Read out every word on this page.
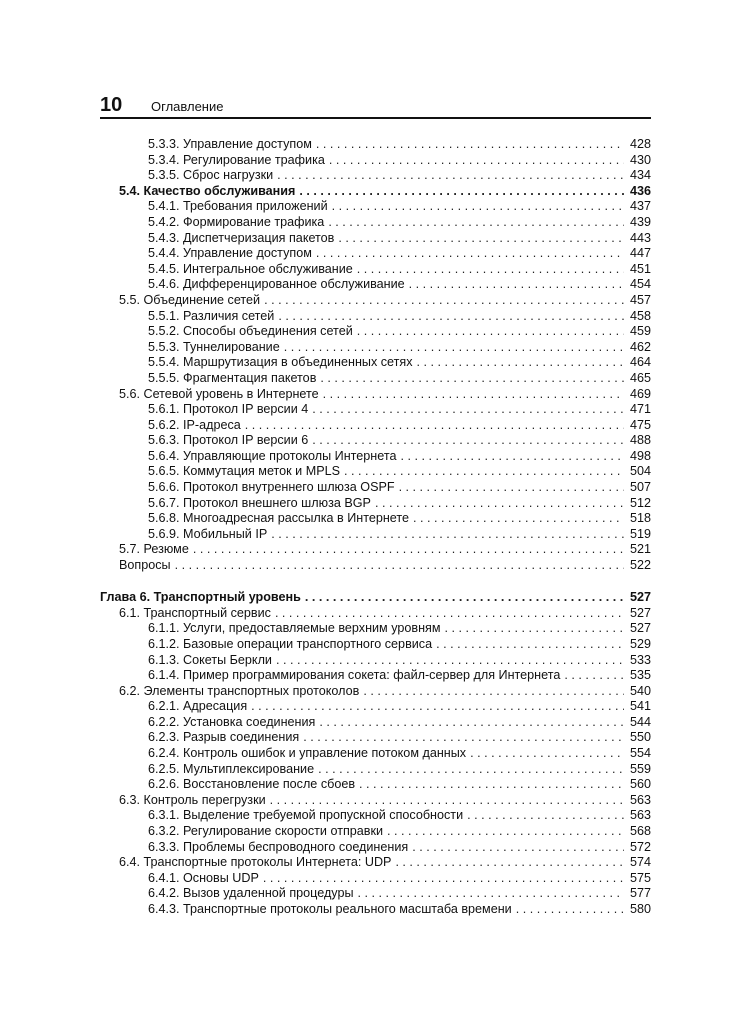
10 Оглавление
5.3.3. Управление доступом . . .	428
5.3.4. Регулирование трафика . . .	430
5.3.5. Сброс нагрузки . . .	434
5.4. Качество обслуживания . . .	436
5.4.1. Требования приложений . . .	437
5.4.2. Формирование трафика . . .	439
5.4.3. Диспетчеризация пакетов . . .	443
5.4.4. Управление доступом . . .	447
5.4.5. Интегральное обслуживание . . .	451
5.4.6. Дифференцированное обслуживание . . .	454
5.5. Объединение сетей . . .	457
5.5.1. Различия сетей . . .	458
5.5.2. Способы объединения сетей . . .	459
5.5.3. Туннелирование . . .	462
5.5.4. Маршрутизация в объединенных сетях . . .	464
5.5.5. Фрагментация пакетов . . .	465
5.6. Сетевой уровень в Интернете . . .	469
5.6.1. Протокол IP версии 4 . . .	471
5.6.2. IP-адреса . . .	475
5.6.3. Протокол IP версии 6 . . .	488
5.6.4. Управляющие протоколы Интернета . . .	498
5.6.5. Коммутация меток и MPLS . . .	504
5.6.6. Протокол внутреннего шлюза OSPF . . .	507
5.6.7. Протокол внешнего шлюза BGP . . .	512
5.6.8. Многоадресная рассылка в Интернете . . .	518
5.6.9. Мобильный IP . . .	519
5.7. Резюме . . .	521
Вопросы . . .	522
Глава 6. Транспортный уровень . . .	527
6.1. Транспортный сервис . . .	527
6.1.1. Услуги, предоставляемые верхним уровням . . .	527
6.1.2. Базовые операции транспортного сервиса . . .	529
6.1.3. Сокеты Беркли . . .	533
6.1.4. Пример программирования сокета: файл-сервер для Интернета . . .	535
6.2. Элементы транспортных протоколов . . .	540
6.2.1. Адресация . . .	541
6.2.2. Установка соединения . . .	544
6.2.3. Разрыв соединения . . .	550
6.2.4. Контроль ошибок и управление потоком данных . . .	554
6.2.5. Мультиплексирование . . .	559
6.2.6. Восстановление после сбоев . . .	560
6.3. Контроль перегрузки . . .	563
6.3.1. Выделение требуемой пропускной способности . . .	563
6.3.2. Регулирование скорости отправки . . .	568
6.3.3. Проблемы беспроводного соединения . . .	572
6.4. Транспортные протоколы Интернета: UDP . . .	574
6.4.1. Основы UDP . . .	575
6.4.2. Вызов удаленной процедуры . . .	577
6.4.3. Транспортные протоколы реального масштаба времени . . .	580
